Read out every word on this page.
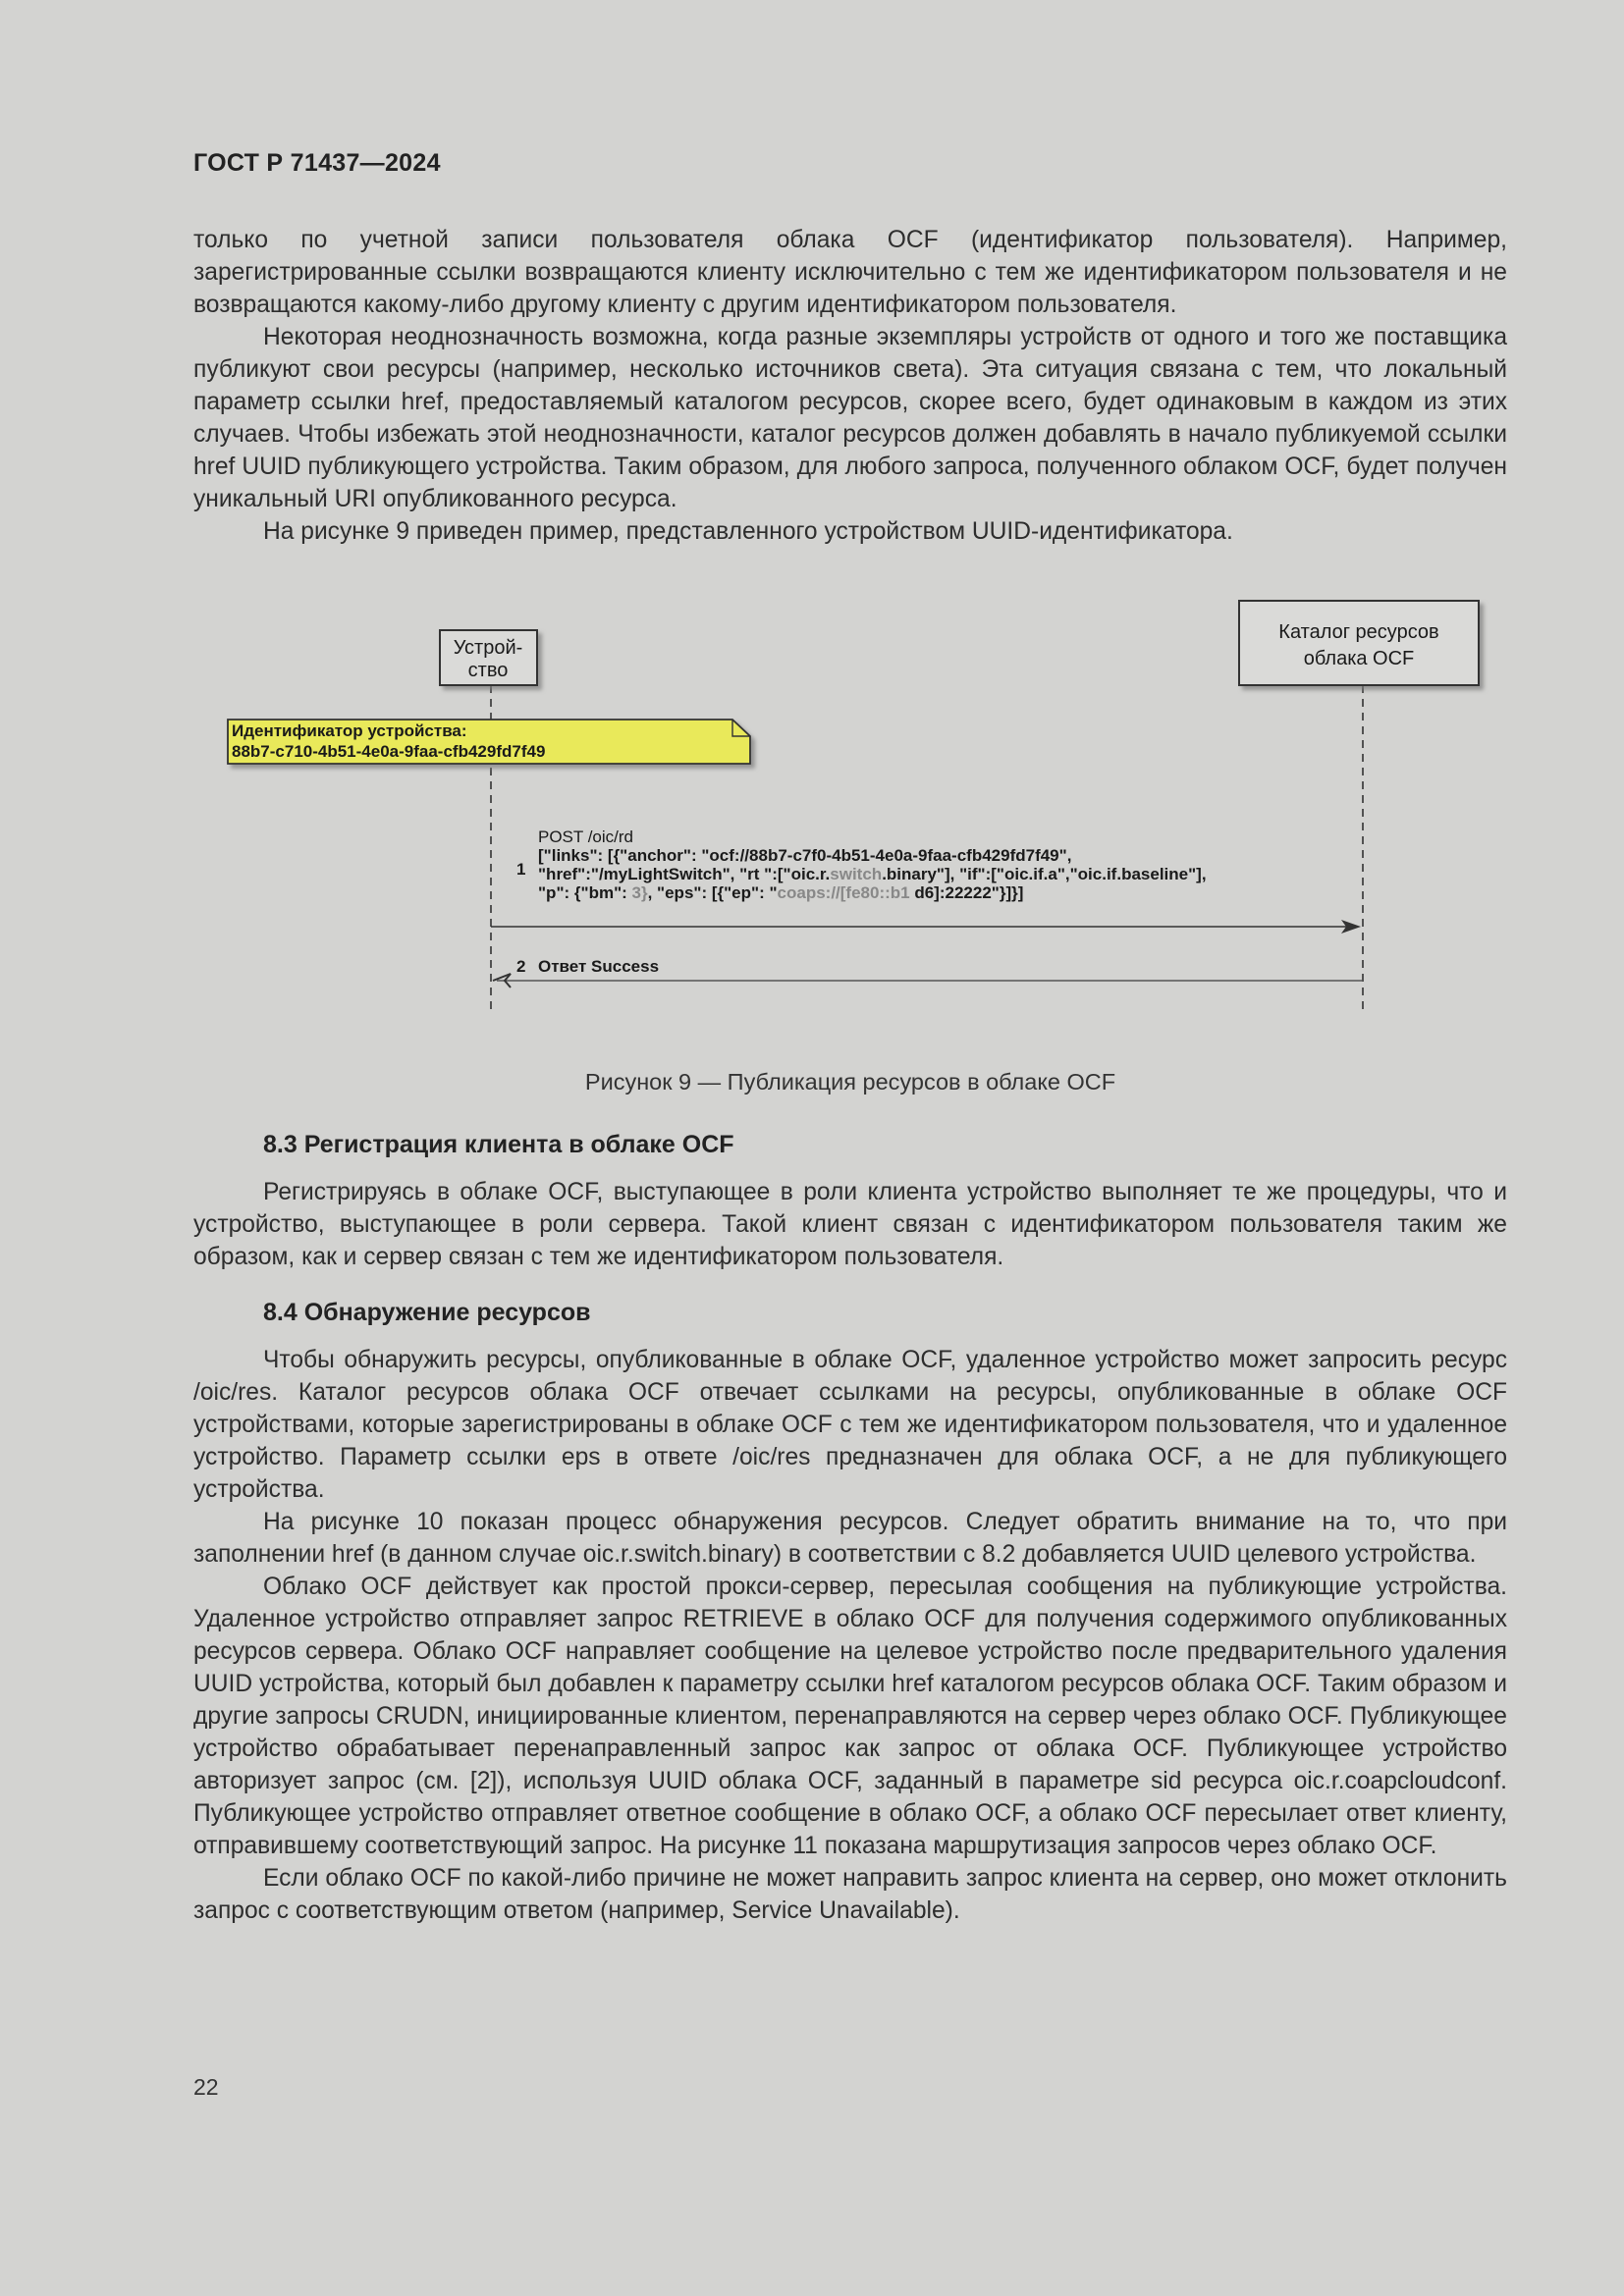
ГОСТ Р 71437—2024

только по учетной записи пользователя облака OCF (идентификатор пользователя). Например, зарегистрированные ссылки возвращаются клиенту исключительно с тем же идентификатором пользователя и не возвращаются какому-либо другому клиенту с другим идентификатором пользователя.

Некоторая неоднозначность возможна, когда разные экземпляры устройств от одного и того же поставщика публикуют свои ресурсы (например, несколько источников света). Эта ситуация связана с тем, что локальный параметр ссылки href, предоставляемый каталогом ресурсов, скорее всего, будет одинаковым в каждом из этих случаев. Чтобы избежать этой неоднозначности, каталог ресурсов должен добавлять в начало публикуемой ссылки href UUID публикующего устройства. Таким образом, для любого запроса, полученного облаком OCF, будет получен уникальный URI опубликованного ресурса.

На рисунке 9 приведен пример, представленного устройством UUID-идентификатора.

Устрой-
ство
Каталог ресурсов
облака OCF
Идентификатор устройства:
88b7-c710-4b51-4e0a-9faa-cfb429fd7f49
1
POST /oic/rd
["links": [{"anchor": "ocf://88b7-c7f0-4b51-4e0a-9faa-cfb429fd7f49",
"href":"/myLightSwitch", "rt ":["oic.r.switch.binary"], "if":["oic.if.a","oic.if.baseline"],
"p": {"bm": 3}, "eps": [{"ep": "coaps://[fe80::b1 d6]:22222"}]}]
2 Ответ Success
Рисунок 9 — Публикация ресурсов в облаке OCF
8.3 Регистрация клиента в облаке OCF

Регистрируясь в облаке OCF, выступающее в роли клиента устройство выполняет те же процедуры, что и устройство, выступающее в роли сервера. Такой клиент связан с идентификатором пользователя таким же образом, как и сервер связан с тем же идентификатором пользователя.

8.4 Обнаружение ресурсов

Чтобы обнаружить ресурсы, опубликованные в облаке OCF, удаленное устройство может запросить ресурс /oic/res. Каталог ресурсов облака OCF отвечает ссылками на ресурсы, опубликованные в облаке OCF устройствами, которые зарегистрированы в облаке OCF с тем же идентификатором пользователя, что и удаленное устройство. Параметр ссылки eps в ответе /oic/res предназначен для облака OCF, а не для публикующего устройства.

На рисунке 10 показан процесс обнаружения ресурсов. Следует обратить внимание на то, что при заполнении href (в данном случае oic.r.switch.binary) в соответствии с 8.2 добавляется UUID целевого устройства.

Облако OCF действует как простой прокси-сервер, пересылая сообщения на публикующие устройства. Удаленное устройство отправляет запрос RETRIEVE в облако OCF для получения содержимого опубликованных ресурсов сервера. Облако OCF направляет сообщение на целевое устройство после предварительного удаления UUID устройства, который был добавлен к параметру ссылки href каталогом ресурсов облака OCF. Таким образом и другие запросы CRUDN, инициированные клиентом, перенаправляются на сервер через облако OCF. Публикующее устройство обрабатывает перенаправленный запрос как запрос от облака OCF. Публикующее устройство авторизует запрос (см. [2]), используя UUID облака OCF, заданный в параметре sid ресурса oic.r.coapcloudconf. Публикующее устройство отправляет ответное сообщение в облако OCF, а облако OCF пересылает ответ клиенту, отправившему соответствующий запрос. На рисунке 11 показана маршрутизация запросов через облако OCF.

Если облако OCF по какой-либо причине не может направить запрос клиента на сервер, оно может отклонить запрос с соответствующим ответом (например, Service Unavailable).

22
